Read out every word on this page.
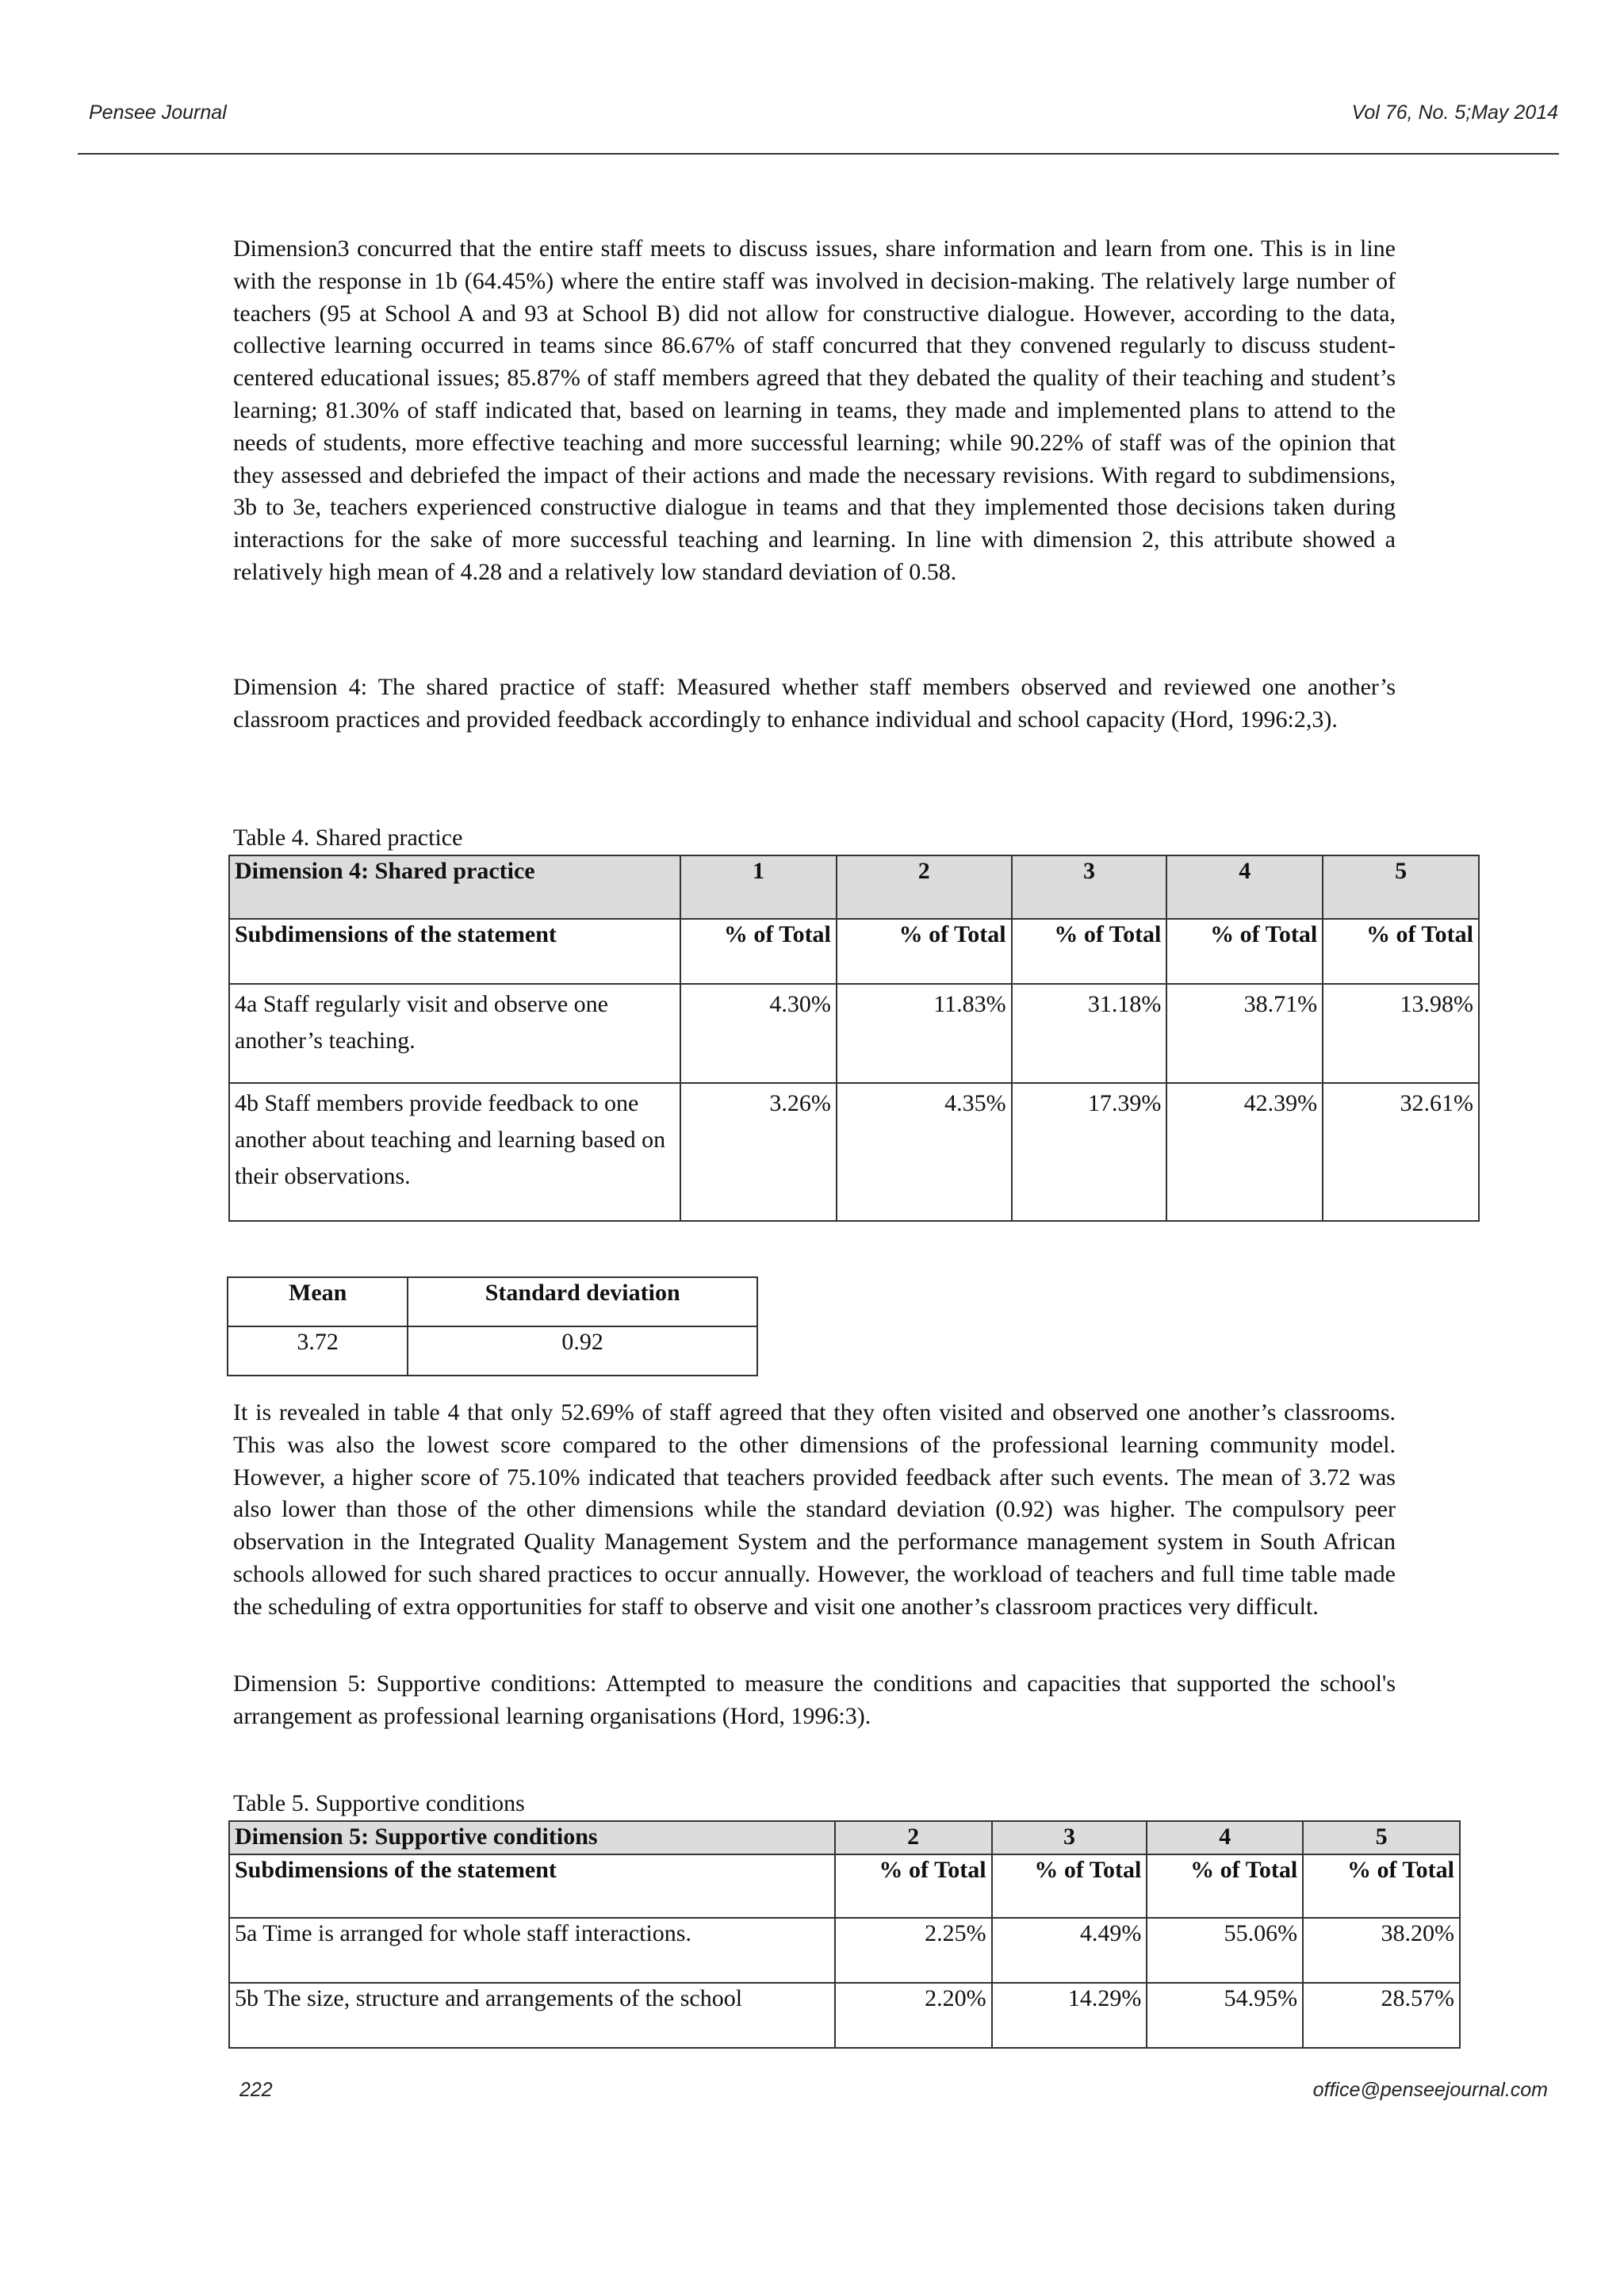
Pensee Journal	Vol 76, No. 5;May 2014

Dimension3 concurred that the entire staff meets to discuss issues, share information and learn from one. This is in line with the response in 1b (64.45%) where the entire staff was involved in decision-making. The relatively large number of teachers (95 at School A and 93 at School B) did not allow for constructive dialogue. However, according to the data, collective learning occurred in teams since 86.67% of staff concurred that they convened regularly to discuss student-centered educational issues; 85.87% of staff members agreed that they debated the quality of their teaching and student’s learning; 81.30% of staff indicated that, based on learning in teams, they made and implemented plans to attend to the needs of students, more effective teaching and more successful learning; while 90.22% of staff was of the opinion that they assessed and debriefed the impact of their actions and made the necessary revisions. With regard to subdimensions, 3b to 3e, teachers experienced constructive dialogue in teams and that they implemented those decisions taken during interactions for the sake of more successful teaching and learning. In line with dimension 2, this attribute showed a relatively high mean of 4.28 and a relatively low standard deviation of 0.58.

Dimension 4: The shared practice of staff: Measured whether staff members observed and reviewed one another’s classroom practices and provided feedback accordingly to enhance individual and school capacity (Hord, 1996:2,3).

Table 4. Shared practice
Dimension 4: Shared practice	1	2	3	4	5
Subdimensions of the statement	% of Total	% of Total	% of Total	% of Total	% of Total
4a Staff regularly visit and observe one another’s teaching.	4.30%	11.83%	31.18%	38.71%	13.98%
4b Staff members provide feedback to one another about teaching and learning based on their observations.	3.26%	4.35%	17.39%	42.39%	32.61%
Mean	Standard deviation
3.72	0.92

It is revealed in table 4 that only 52.69% of staff agreed that they often visited and observed one another’s classrooms. This was also the lowest score compared to the other dimensions of the professional learning community model. However, a higher score of 75.10% indicated that teachers provided feedback after such events. The mean of 3.72 was also lower than those of the other dimensions while the standard deviation (0.92) was higher. The compulsory peer observation in the Integrated Quality Management System and the performance management system in South African schools allowed for such shared practices to occur annually. However, the workload of teachers and full time table made the scheduling of extra opportunities for staff to observe and visit one another’s classroom practices very difficult.

Dimension 5: Supportive conditions: Attempted to measure the conditions and capacities that supported the school's arrangement as professional learning organisations (Hord, 1996:3).

Table 5. Supportive conditions
Dimension 5: Supportive conditions	2	3	4	5
Subdimensions of the statement	% of Total	% of Total	% of Total	% of Total
5a Time is arranged for whole staff interactions.	2.25%	4.49%	55.06%	38.20%
5b The size, structure and arrangements of the school	2.20%	14.29%	54.95%	28.57%
222	office@penseejournal.com
